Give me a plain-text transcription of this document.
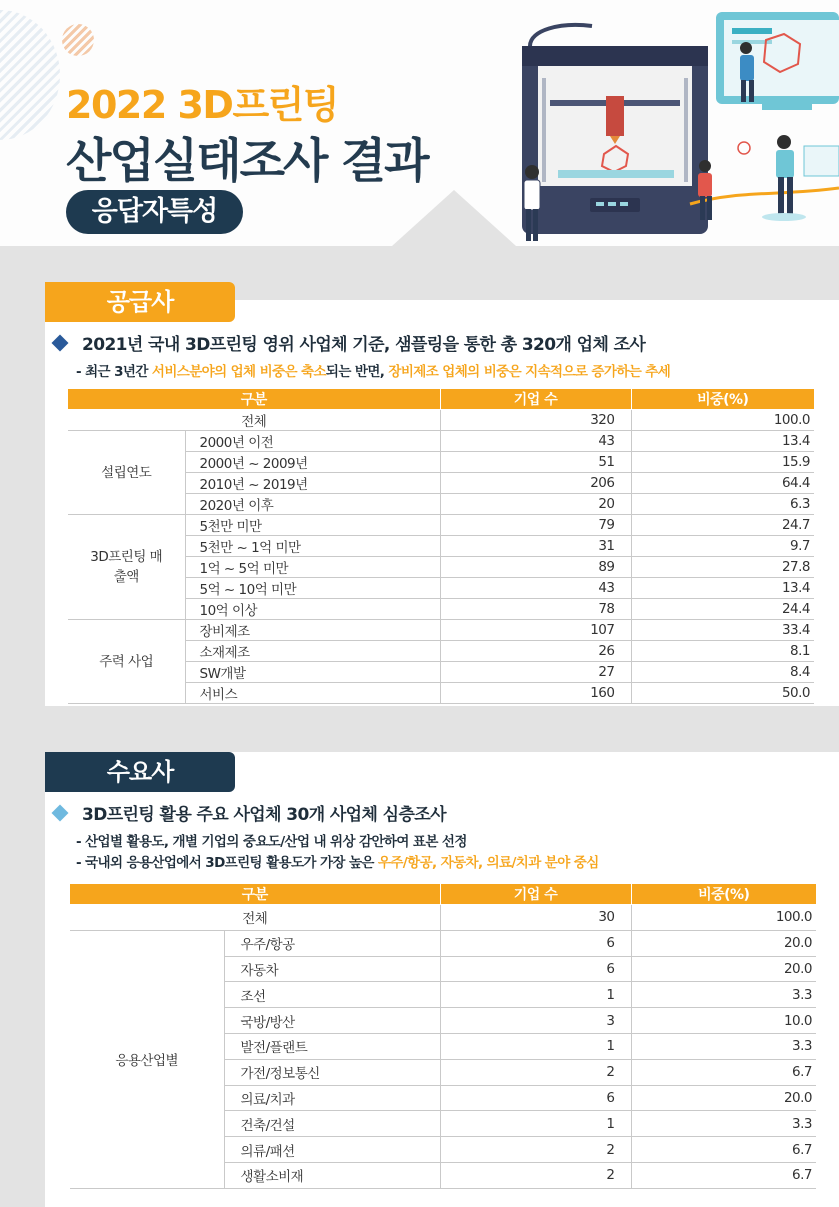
2022 3D프린팅
산업실태조사 결과
응답자특성
공급사
2021년 국내 3D프린팅 영위 사업체 기준, 샘플링을 통한 총 320개 업체 조사
- 최근 3년간 서비스분야의 업체 비중은 축소되는 반면, 장비제조 업체의 비중은 지속적으로 증가하는 추세
구분		기업 수	비중(%)
전체		320	100.0
설립연도	2000년 이전	43	13.4
	2000년 ~ 2009년	51	15.9
	2010년 ~ 2019년	206	64.4
	2020년 이후	20	6.3
3D프린팅 매출액	5천만 미만	79	24.7
	5천만 ~ 1억 미만	31	9.7
	1억 ~ 5억 미만	89	27.8
	5억 ~ 10억 미만	43	13.4
	10억 이상	78	24.4
주력 사업	장비제조	107	33.4
	소재제조	26	8.1
	SW개발	27	8.4
	서비스	160	50.0
수요사
3D프린팅 활용 주요 사업체 30개 사업체 심층조사
- 산업별 활용도, 개별 기업의 중요도/산업 내 위상 감안하여 표본 선정
- 국내외 응용산업에서 3D프린팅 활용도가 가장 높은 우주/항공, 자동차, 의료/치과 분야 중심
구분		기업 수	비중(%)
전체		30	100.0
응용산업별	우주/항공	6	20.0
	자동차	6	20.0
	조선	1	3.3
	국방/방산	3	10.0
	발전/플랜트	1	3.3
	가전/정보통신	2	6.7
	의료/치과	6	20.0
	건축/건설	1	3.3
	의류/패션	2	6.7
	생활소비재	2	6.7
